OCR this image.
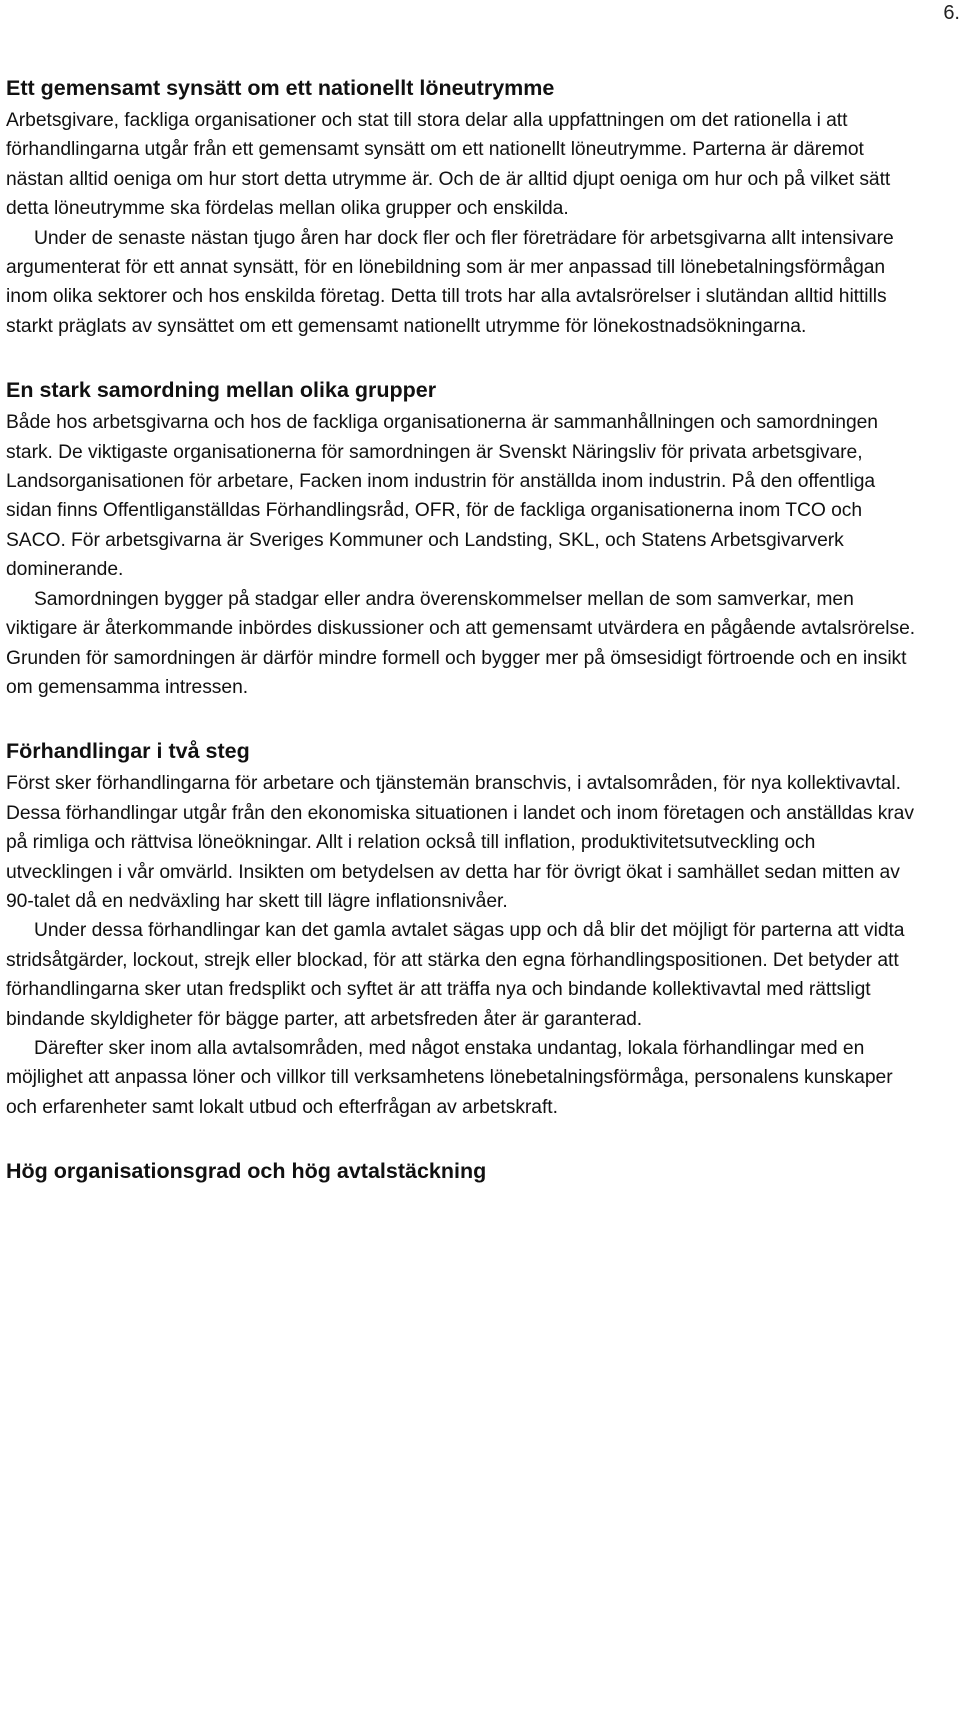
6.
Ett gemensamt synsätt om ett nationellt löneutrymme

Arbetsgivare, fackliga organisationer och stat till stora delar alla uppfattningen om det rationella i att förhandlingarna utgår från ett gemensamt synsätt om ett nationellt löneutrymme. Parterna är däremot nästan alltid oeniga om hur stort detta utrymme är. Och de är alltid djupt oeniga om hur och på vilket sätt detta löneutrymme ska fördelas mellan olika grupper och enskilda.

Under de senaste nästan tjugo åren har dock fler och fler företrädare för arbetsgivarna allt intensivare argumenterat för ett annat synsätt, för en lönebildning som är mer anpassad till lönebetalningsförmågan inom olika sektorer och hos enskilda företag. Detta till trots har alla avtalsrörelser i slutändan alltid hittills starkt präglats av synsättet om ett gemensamt nationellt utrymme för lönekostnadsökningarna.

En stark samordning mellan olika grupper

Både hos arbetsgivarna och hos de fackliga organisationerna är sammanhållningen och samordningen stark. De viktigaste organisationerna för samordningen är Svenskt Näringsliv för privata arbetsgivare, Landsorganisationen för arbetare, Facken inom industrin för anställda inom industrin. På den offentliga sidan finns Offentliganställdas Förhandlingsråd, OFR, för de fackliga organisationerna inom TCO och SACO. För arbetsgivarna är Sveriges Kommuner och Landsting, SKL, och Statens Arbetsgivarverk dominerande.

Samordningen bygger på stadgar eller andra överenskommelser mellan de som samverkar, men viktigare är återkommande inbördes diskussioner och att gemensamt utvärdera en pågående avtalsrörelse. Grunden för samordningen är därför mindre formell och bygger mer på ömsesidigt förtroende och en insikt om gemensamma intressen.

Förhandlingar i två steg

Först sker förhandlingarna för arbetare och tjänstemän branschvis, i avtalsområden, för nya kollektivavtal. Dessa förhandlingar utgår från den ekonomiska situationen i landet och inom företagen och anställdas krav på rimliga och rättvisa löneökningar. Allt i relation också till inflation, produktivitetsutveckling och utvecklingen i vår omvärld. Insikten om betydelsen av detta har för övrigt ökat i samhället sedan mitten av 90-talet då en nedväxling har skett till lägre inflationsnivåer.

Under dessa förhandlingar kan det gamla avtalet sägas upp och då blir det möjligt för parterna att vidta stridsåtgärder, lockout, strejk eller blockad, för att stärka den egna förhandlingspositionen. Det betyder att förhandlingarna sker utan fredsplikt och syftet är att träffa nya och bindande kollektivavtal med rättsligt bindande skyldigheter för bägge parter, att arbetsfreden åter är garanterad.

Därefter sker inom alla avtalsområden, med något enstaka undantag, lokala förhandlingar med en möjlighet att anpassa löner och villkor till verksamhetens lönebetalningsförmåga, personalens kunskaper och erfarenheter samt lokalt utbud och efterfrågan av arbetskraft.

Hög organisationsgrad och hög avtalstäckning
